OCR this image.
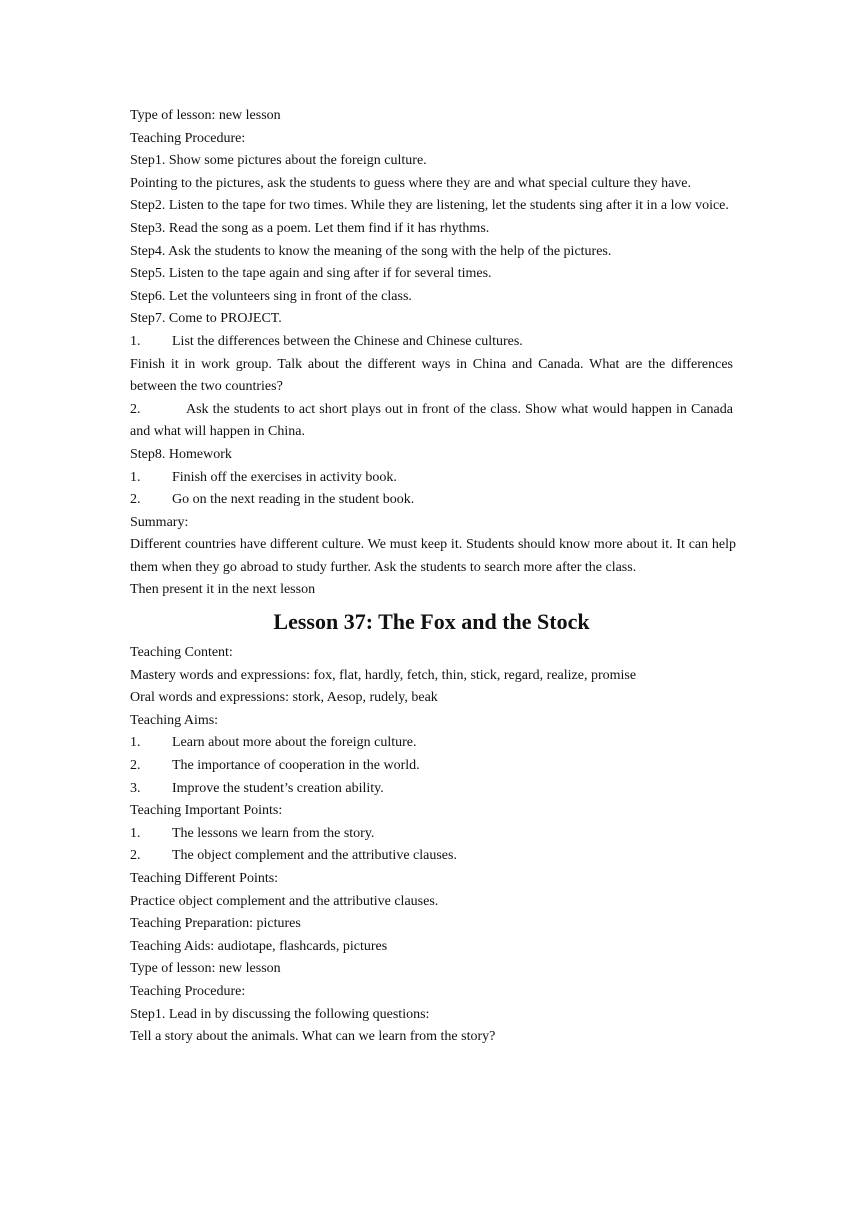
Type of lesson: new lesson
Teaching Procedure:
Step1. Show some pictures about the foreign culture.
Pointing to the pictures, ask the students to guess where they are and what special culture they have.
Step2. Listen to the tape for two times. While they are listening, let the students sing after it in a low voice.
Step3. Read the song as a poem. Let them find if it has rhythms.
Step4. Ask the students to know the meaning of the song with the help of the pictures.
Step5. Listen to the tape again and sing after if for several times.
Step6. Let the volunteers sing in front of the class.
Step7. Come to PROJECT.
1. List the differences between the Chinese and Chinese cultures.
Finish it in work group. Talk about the different ways in China and Canada. What are the differences between the two countries?
2.	Ask the students to act short plays out in front of the class. Show what would happen in Canada and what will happen in China.
Step8. Homework
1. Finish off the exercises in activity book.
2. Go on the next reading in the student book.
Summary:
Different countries have different culture. We must keep it. Students should know more about it. It can help them when they go abroad to study further. Ask the students to search more after the class.
Then present it in the next lesson
Lesson 37: The Fox and the Stock
Teaching Content:
Mastery words and expressions: fox, flat, hardly, fetch, thin, stick, regard, realize, promise
Oral words and expressions: stork, Aesop, rudely, beak
Teaching Aims:
1. Learn about more about the foreign culture.
2. The importance of cooperation in the world.
3. Improve the student’s creation ability.
Teaching Important Points:
1. The lessons we learn from the story.
2. The object complement and the attributive clauses.
Teaching Different Points:
Practice object complement and the attributive clauses.
Teaching Preparation: pictures
Teaching Aids: audiotape, flashcards, pictures
Type of lesson: new lesson
Teaching Procedure:
Step1. Lead in by discussing the following questions:
Tell a story about the animals. What can we learn from the story?
